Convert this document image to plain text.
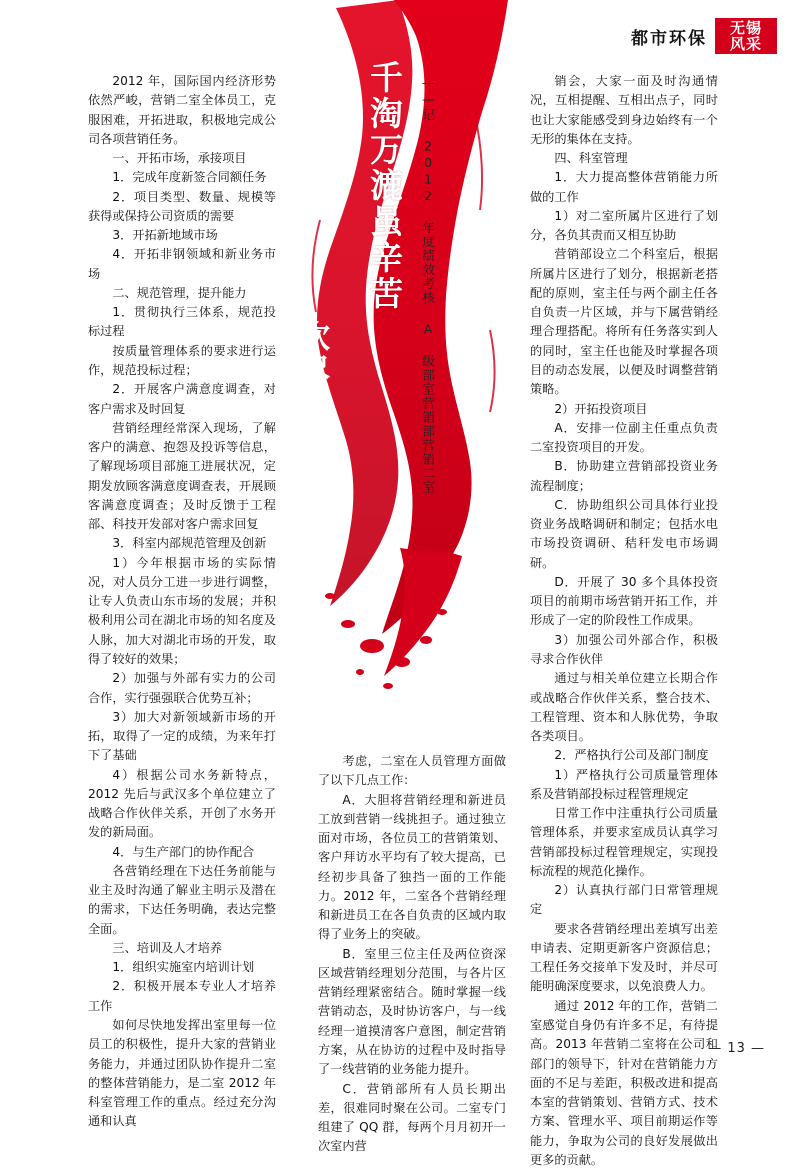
都市环保
无锡
风采
千淘万漉虽辛苦
吹尽狂沙始到金	——记 2012 年度绩效考核 A 级部室营销部营销二室

2012 年，国际国内经济形势依然严峻，营销二室全体员工，克服困难，开拓进取，积极地完成公司各项营销任务。

一、开拓市场，承接项目

1．完成年度新签合同额任务

2．项目类型、数量、规模等获得或保持公司资质的需要

3．开拓新地域市场

4．开拓非钢领域和新业务市场

二、规范管理，提升能力

1．贯彻执行三体系，规范投标过程

按质量管理体系的要求进行运作，规范投标过程；

2．开展客户满意度调查，对客户需求及时回复

营销经理经常深入现场，了解客户的满意、抱怨及投诉等信息，了解现场项目部施工进展状况，定期发放顾客满意度调查表，开展顾客满意度调查；及时反馈于工程部、科技开发部对客户需求回复

3．科室内部规范管理及创新

1）今年根据市场的实际情况，对人员分工进一步进行调整，让专人负责山东市场的发展；并积极利用公司在湖北市场的知名度及人脉，加大对湖北市场的开发，取得了较好的效果；

2）加强与外部有实力的公司合作，实行强强联合优势互补；

3）加大对新领域新市场的开拓，取得了一定的成绩，为来年打下了基础

4）根据公司水务新特点，2012 先后与武汉多个单位建立了战略合作伙伴关系，开创了水务开发的新局面。

4．与生产部门的协作配合

各营销经理在下达任务前能与业主及时沟通了解业主明示及潜在的需求，下达任务明确，表达完整全面。

三、培训及人才培养

1．组织实施室内培训计划

2．积极开展本专业人才培养工作

如何尽快地发挥出室里每一位员工的积极性，提升大家的营销业务能力，并通过团队协作提升二室的整体营销能力，是二室 2012 年科室管理工作的重点。经过充分沟通和认真

考虑，二室在人员管理方面做了以下几点工作：

A．大胆将营销经理和新进员工放到营销一线挑担子。通过独立面对市场，各位员工的营销策划、客户拜访水平均有了较大提高，已经初步具备了独挡一面的工作能力。2012 年，二室各个营销经理和新进员工在各自负责的区域内取得了业务上的突破。

B．室里三位主任及两位资深区域营销经理划分范围，与各片区营销经理紧密结合。随时掌握一线营销动态，及时协访客户，与一线经理一道摸清客户意图，制定营销方案，从在协访的过程中及时指导了一线营销的业务能力提升。

C．营销部所有人员长期出差，很难同时聚在公司。二室专门组建了 QQ 群，每两个月月初开一次室内营

销会，大家一面及时沟通情况，互相提醒、互相出点子，同时也让大家能感受到身边始终有一个无形的集体在支持。

四、科室管理

1．大力提高整体营销能力所做的工作

1）对二室所属片区进行了划分，各负其责而又相互协助

营销部设立二个科室后，根据所属片区进行了划分，根据新老搭配的原则，室主任与两个副主任各自负责一片区域，并与下属营销经理合理搭配。将所有任务落实到人的同时，室主任也能及时掌握各项目的动态发展，以便及时调整营销策略。

2）开拓投资项目

A．安排一位副主任重点负责二室投资项目的开发。

B．协助建立营销部投资业务流程制度；

C．协助组织公司具体行业投资业务战略调研和制定；包括水电市场投资调研、秸秆发电市场调研。

D．开展了 30 多个具体投资项目的前期市场营销开拓工作，并形成了一定的阶段性工作成果。

3）加强公司外部合作，积极寻求合作伙伴

通过与相关单位建立长期合作或战略合作伙伴关系，整合技术、工程管理、资本和人脉优势，争取各类项目。

2．严格执行公司及部门制度

1）严格执行公司质量管理体系及营销部投标过程管理规定

日常工作中注重执行公司质量管理体系，并要求室成员认真学习营销部投标过程管理规定，实现投标流程的规范化操作。

2）认真执行部门日常管理规定

要求各营销经理出差填写出差申请表、定期更新客户资源信息；工程任务交接单下发及时，并尽可能明确深度要求，以免浪费人力。

通过 2012 年的工作，营销二室感觉自身仍有许多不足，有待提高。2013 年营销二室将在公司和部门的领导下，针对在营销能力方面的不足与差距，积极改进和提高本室的营销策划、营销方式、技术方案、管理水平、项目前期运作等能力，争取为公司的良好发展做出更多的贡献。

— 13 —
